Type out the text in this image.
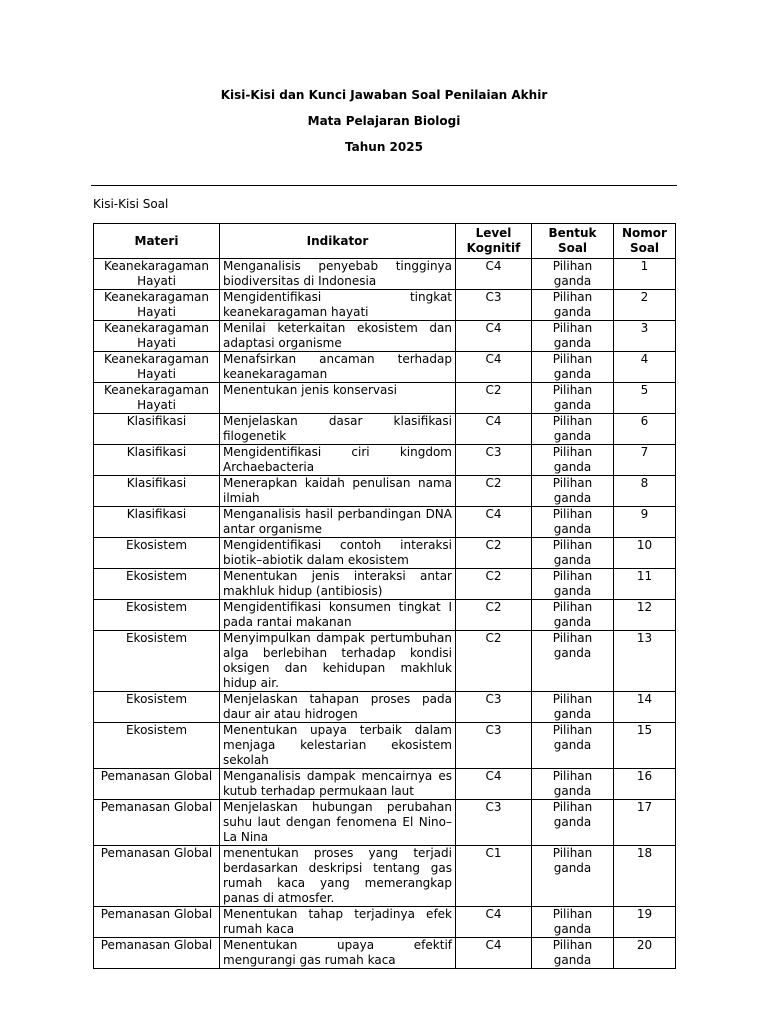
Kisi-Kisi dan Kunci Jawaban Soal Penilaian Akhir
Mata Pelajaran Biologi
Tahun 2025
Kisi-Kisi Soal
Materi	Indikator	Level Kognitif	Bentuk Soal	Nomor Soal
Keanekaragaman Hayati	Menganalisis penyebab tingginya biodiversitas di Indonesia	C4	Pilihan ganda	1
Keanekaragaman Hayati	Mengidentifikasi tingkat keanekaragaman hayati	C3	Pilihan ganda	2
Keanekaragaman Hayati	Menilai keterkaitan ekosistem dan adaptasi organisme	C4	Pilihan ganda	3
Keanekaragaman Hayati	Menafsirkan ancaman terhadap keanekaragaman	C4	Pilihan ganda	4
Keanekaragaman Hayati	Menentukan jenis konservasi	C2	Pilihan ganda	5
Klasifikasi	Menjelaskan dasar klasifikasi filogenetik	C4	Pilihan ganda	6
Klasifikasi	Mengidentifikasi ciri kingdom Archaebacteria	C3	Pilihan ganda	7
Klasifikasi	Menerapkan kaidah penulisan nama ilmiah	C2	Pilihan ganda	8
Klasifikasi	Menganalisis hasil perbandingan DNA antar organisme	C4	Pilihan ganda	9
Ekosistem	Mengidentifikasi contoh interaksi biotik–abiotik dalam ekosistem	C2	Pilihan ganda	10
Ekosistem	Menentukan jenis interaksi antar makhluk hidup (antibiosis)	C2	Pilihan ganda	11
Ekosistem	Mengidentifikasi konsumen tingkat I pada rantai makanan	C2	Pilihan ganda	12
Ekosistem	Menyimpulkan dampak pertumbuhan alga berlebihan terhadap kondisi oksigen dan kehidupan makhluk hidup air.	C2	Pilihan ganda	13
Ekosistem	Menjelaskan tahapan proses pada daur air atau hidrogen	C3	Pilihan ganda	14
Ekosistem	Menentukan upaya terbaik dalam menjaga kelestarian ekosistem sekolah	C3	Pilihan ganda	15
Pemanasan Global	Menganalisis dampak mencairnya es kutub terhadap permukaan laut	C4	Pilihan ganda	16
Pemanasan Global	Menjelaskan hubungan perubahan suhu laut dengan fenomena El Nino–La Nina	C3	Pilihan ganda	17
Pemanasan Global	menentukan proses yang terjadi berdasarkan deskripsi tentang gas rumah kaca yang memerangkap panas di atmosfer.	C1	Pilihan ganda	18
Pemanasan Global	Menentukan tahap terjadinya efek rumah kaca	C4	Pilihan ganda	19
Pemanasan Global	Menentukan upaya efektif mengurangi gas rumah kaca	C4	Pilihan ganda	20
